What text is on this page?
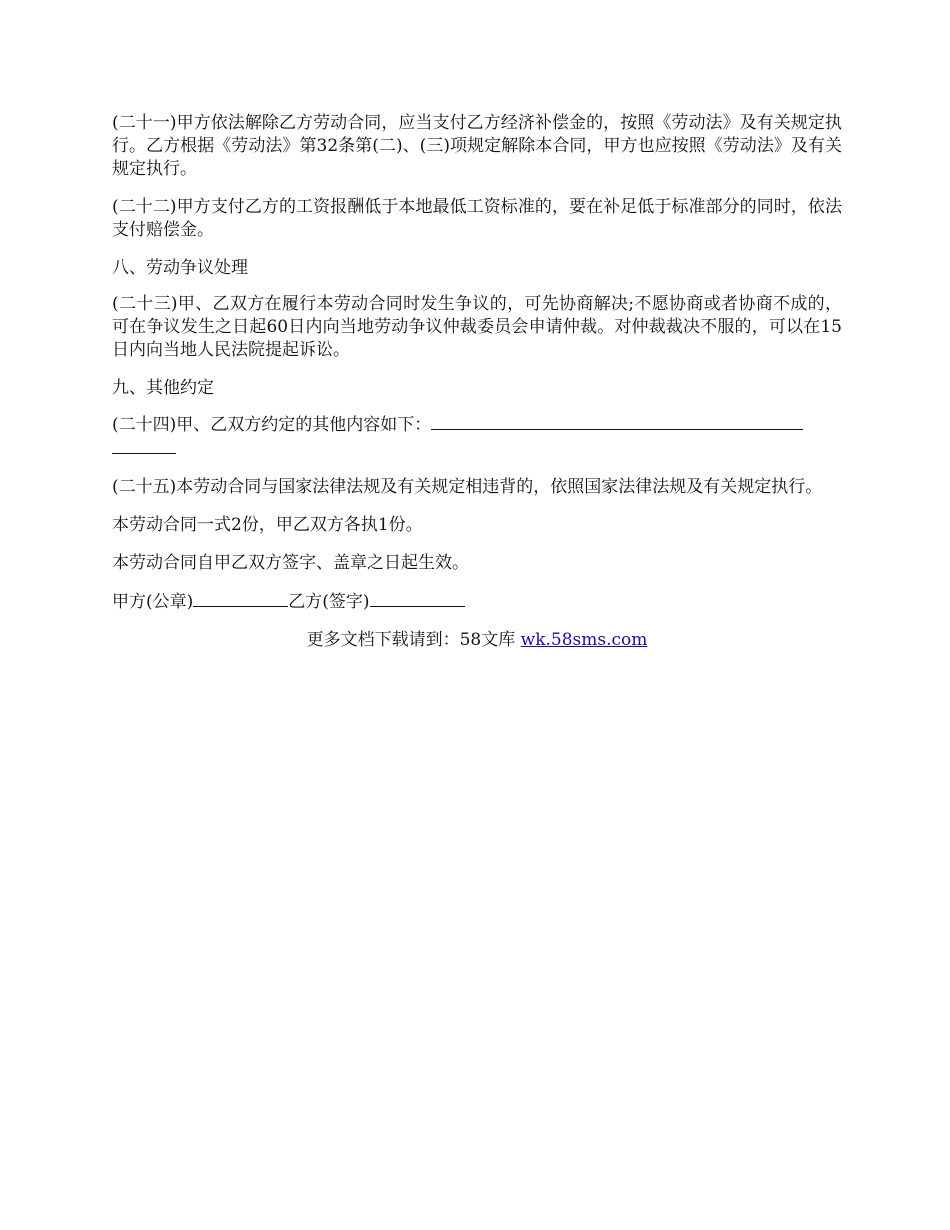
(二十一)甲方依法解除乙方劳动合同，应当支付乙方经济补偿金的，按照《劳动法》及有关规定执行。乙方根据《劳动法》第32条第(二)、(三)项规定解除本合同，甲方也应按照《劳动法》及有关规定执行。

(二十二)甲方支付乙方的工资报酬低于本地最低工资标准的，要在补足低于标准部分的同时，依法支付赔偿金。

八、劳动争议处理

(二十三)甲、乙双方在履行本劳动合同时发生争议的，可先协商解决;不愿协商或者协商不成的，可在争议发生之日起60日内向当地劳动争议仲裁委员会申请仲裁。对仲裁裁决不服的，可以在15日内向当地人民法院提起诉讼。

九、其他约定

(二十四)甲、乙双方约定的其他内容如下：

(二十五)本劳动合同与国家法律法规及有关规定相违背的，依照国家法律法规及有关规定执行。

本劳动合同一式2份，甲乙双方各执1份。

本劳动合同自甲乙双方签字、盖章之日起生效。

甲方(公章)	乙方(签字)

更多文档下载请到：58文库 wk.58sms.com
